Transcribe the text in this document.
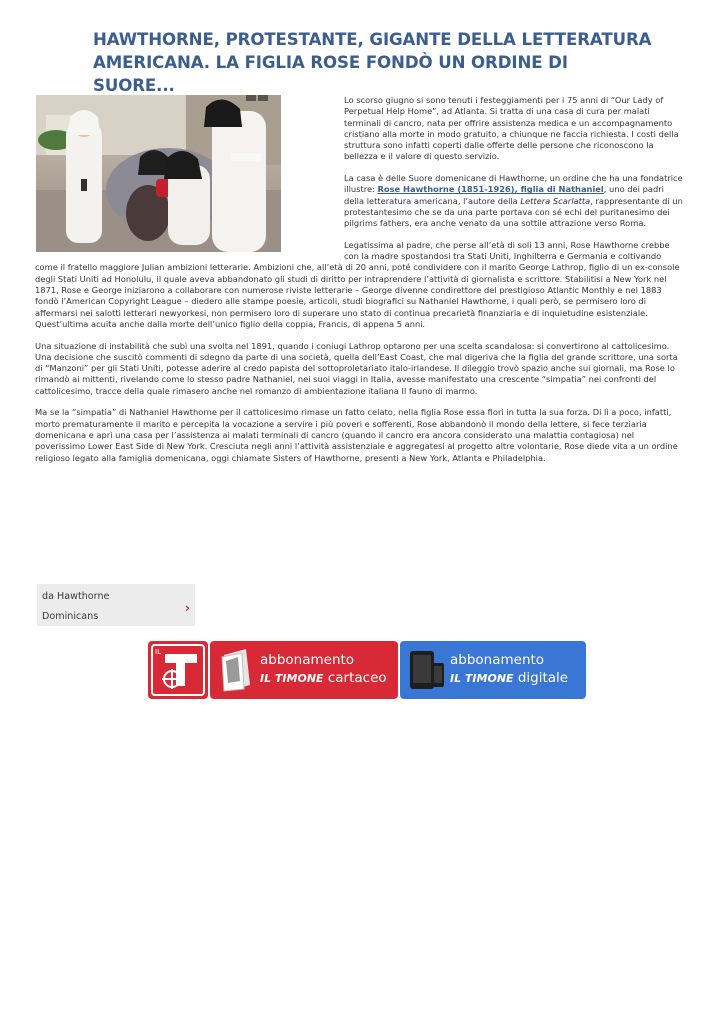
HAWTHORNE, PROTESTANTE, GIGANTE DELLA LETTERATURA AMERICANA. LA FIGLIA ROSE FONDÒ UN ORDINE DI SUORE...

Lo scorso giugno si sono tenuti i festeggiamenti per i 75 anni di “Our Lady of Perpetual Help Home”, ad Atlanta. Si tratta di una casa di cura per malati terminali di cancro, nata per offrire assistenza medica e un accompagnamento cristiano alla morte in modo gratuito, a chiunque ne faccia richiesta. I costi della struttura sono infatti coperti dalle offerte delle persone che riconoscono la bellezza e il valore di questo servizio.

La casa è delle Suore domenicane di Hawthorne, un ordine che ha una fondatrice illustre: Rose Hawthorne (1851-1926), figlia di Nathaniel, uno dei padri della letteratura americana, l’autore della Lettera Scarlatta, rappresentante di un protestantesimo che se da una parte portava con sé echi del puritanesimo dei pilgrims fathers, era anche venato da una sottile attrazione verso Roma.

Legatissima al padre, che perse all’età di soli 13 anni, Rose Hawthorne crebbe con la madre spostandosi tra Stati Uniti, Inghilterra e Germania e coltivando come il fratello maggiore Julian ambizioni letterarie. Ambizioni che, all’età di 20 anni, poté condividere con il marito George Lathrop, figlio di un ex-console degli Stati Uniti ad Honolulu, il quale aveva abbandonato gli studi di diritto per intraprendere l’attività di giornalista e scrittore. Stabilitisi a New York nel 1871, Rose e George iniziarono a collaborare con numerose riviste letterarie – George divenne condirettore del prestigioso Atlantic Monthly e nel 1883 fondò l’American Copyright League – diedero alle stampe poesie, articoli, studi biografici su Nathaniel Hawthorne, i quali però, se permisero loro di affermarsi nei salotti letterari newyorkesi, non permisero loro di superare uno stato di continua precarietà finanziaria e di inquietudine esistenziale. Quest’ultima acuita anche dalla morte dell’unico figlio della coppia, Francis, di appena 5 anni.

Una situazione di instabilità che subì una svolta nel 1891, quando i coniugi Lathrop optarono per una scelta scandalosa: si convertirono al cattolicesimo. Una decisione che suscitò commenti di sdegno da parte di una società, quella dell’East Coast, che mal digeriva che la figlia del grande scrittore, una sorta di “Manzoni” per gli Stati Uniti, potesse aderire al credo papista del sottoproletariato italo-irlandese. Il dileggio trovò spazio anche sui giornali, ma Rose lo rimandò ai mittenti, rivelando come lo stesso padre Nathaniel, nei suoi viaggi in Italia, avesse manifestato una crescente “simpatia” nei confronti del cattolicesimo, tracce della quale rimasero anche nel romanzo di ambientazione italiana Il fauno di marmo.

Ma se la “simpatia” di Nathaniel Hawthorne per il cattolicesimo rimase un fatto celato, nella figlia Rose essa fiorì in tutta la sua forza. Di lì a poco, infatti, morto prematuramente il marito e percepita la vocazione a servire i più poveri e sofferenti, Rose abbandonò il mondo della lettere, si fece terziaria domenicana e aprì una casa per l’assistenza ai malati terminali di cancro (quando il cancro era ancora considerato una malattia contagiosa) nel poverissimo Lower East Side di New York. Cresciuta negli anni l’attività assistenziale e aggregatesi al progetto altre volontarie, Rose diede vita a un ordine religioso legato alla famiglia domenicana, oggi chiamate Sisters of Hawthorne, presenti a New York, Atlanta e Philadelphia.

da Hawthorne
Dominicans
›
IL	abbonamento
IL TIMONE cartaceo
abbonamento
IL TIMONE digitale
